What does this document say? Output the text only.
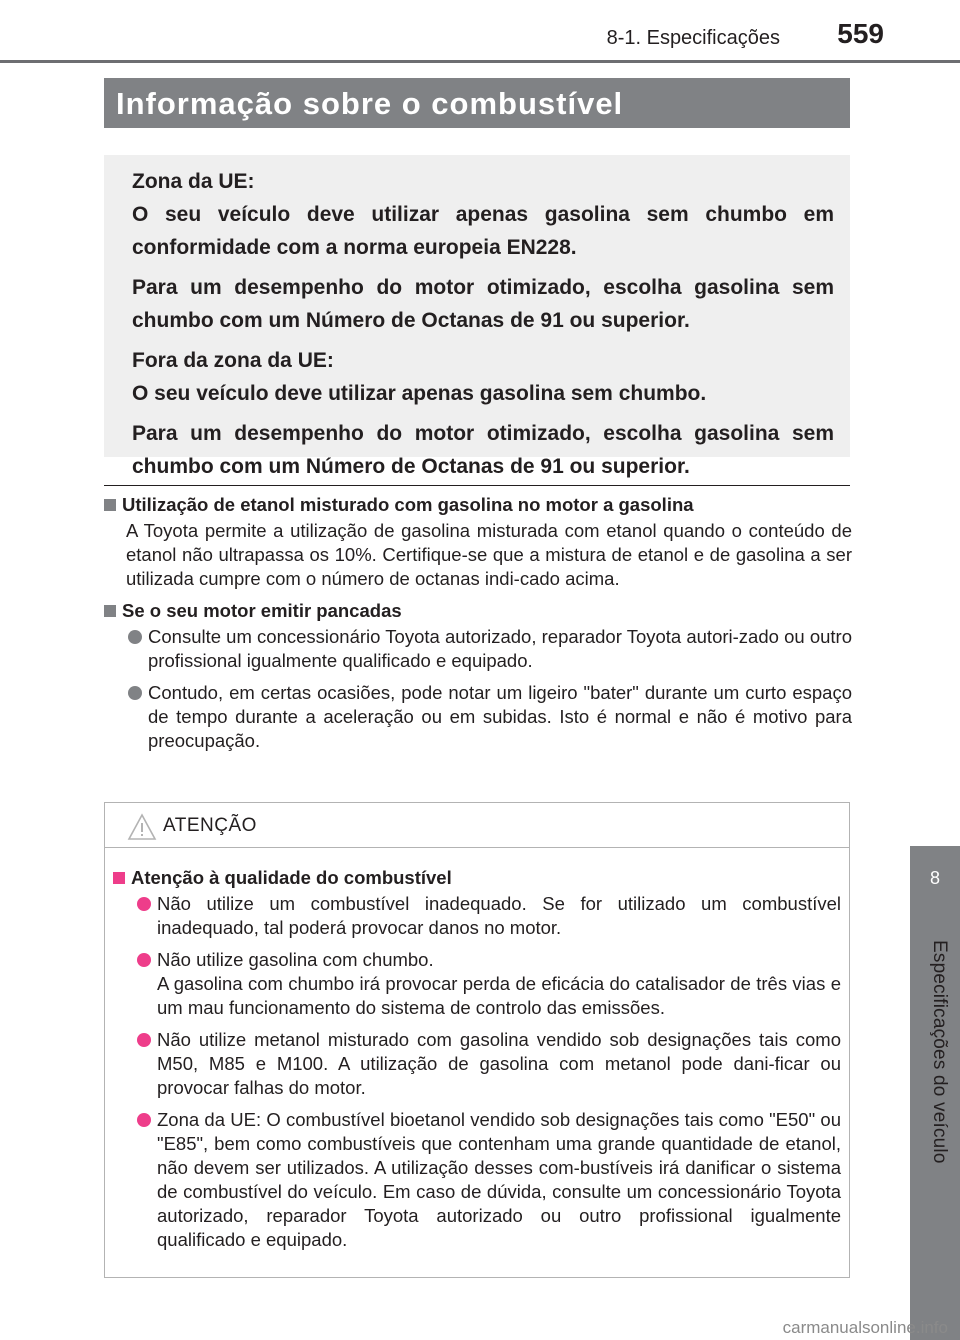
8-1. Especificações 559
8
Especificações do veículo
Informação sobre o combustível

Zona da UE:
O seu veículo deve utilizar apenas gasolina sem chumbo em conformidade com a norma europeia EN228.

Para um desempenho do motor otimizado, escolha gasolina sem chumbo com um Número de Octanas de 91 ou superior.

Fora da zona da UE:
O seu veículo deve utilizar apenas gasolina sem chumbo.

Para um desempenho do motor otimizado, escolha gasolina sem chumbo com um Número de Octanas de 91 ou superior.

Utilização de etanol misturado com gasolina no motor a gasolina

A Toyota permite a utilização de gasolina misturada com etanol quando o conteúdo de etanol não ultrapassa os 10%. Certifique-se que a mistura de etanol e de gasolina a ser utilizada cumpre com o número de octanas indi-cado acima.

Se o seu motor emitir pancadas
Consulte um concessionário Toyota autorizado, reparador Toyota autori-zado ou outro profissional igualmente qualificado e equipado.
Contudo, em certas ocasiões, pode notar um ligeiro "bater" durante um curto espaço de tempo durante a aceleração ou em subidas. Isto é normal e não é motivo para preocupação.
ATENÇÃO
Atenção à qualidade do combustível
Não utilize um combustível inadequado. Se for utilizado um combustível inadequado, tal poderá provocar danos no motor.
Não utilize gasolina com chumbo.
A gasolina com chumbo irá provocar perda de eficácia do catalisador de três vias e um mau funcionamento do sistema de controlo das emissões.
Não utilize metanol misturado com gasolina vendido sob designações tais como M50, M85 e M100. A utilização de gasolina com metanol pode dani-ficar ou provocar falhas do motor.
Zona da UE: O combustível bioetanol vendido sob designações tais como "E50" ou "E85", bem como combustíveis que contenham uma grande quantidade de etanol, não devem ser utilizados. A utilização desses com-bustíveis irá danificar o sistema de combustível do veículo. Em caso de dúvida, consulte um concessionário Toyota autorizado, reparador Toyota autorizado ou outro profissional igualmente qualificado e equipado.
carmanualsonline.info
